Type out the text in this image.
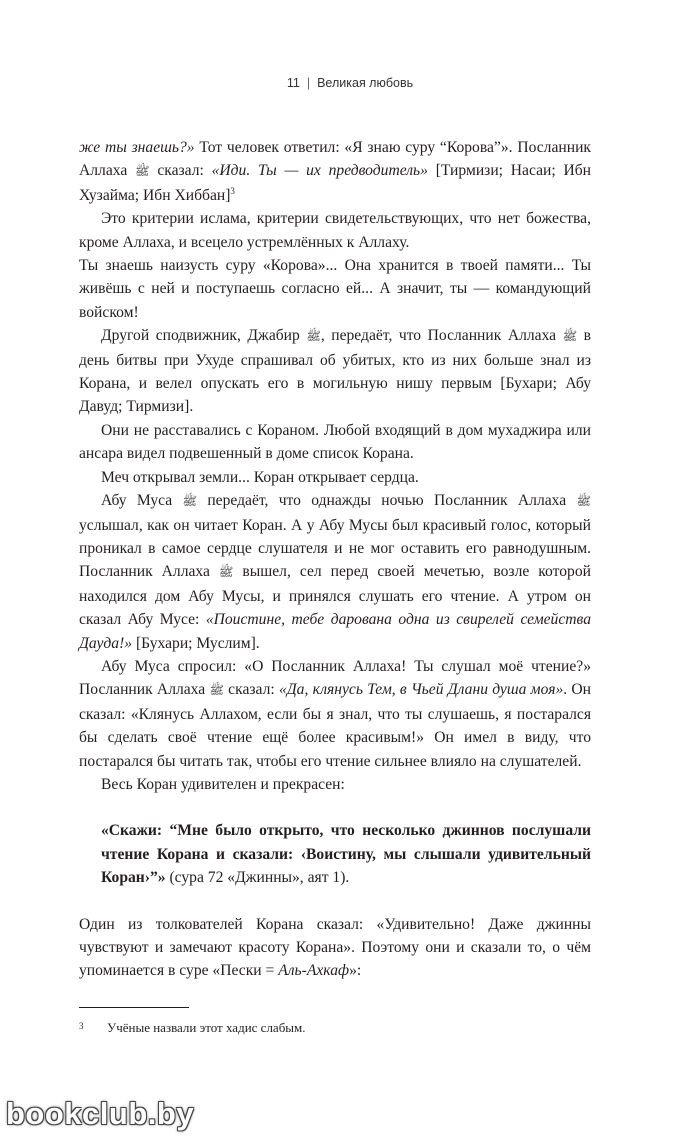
11 | Великая любовь

же ты знаешь?» Тот человек ответил: «Я знаю суру “Корова”». Посланник Аллаха ﷺ сказал: «Иди. Ты — их предводитель» [Тирмизи; Насаи; Ибн Хузайма; Ибн Хиббан]$^3$

Это критерии ислама, критерии свидетельствующих, что нет божества, кроме Аллаха, и всецело устремлённых к Аллаху.

Ты знаешь наизусть суру «Корова»... Она хранится в твоей памяти... Ты живёшь с ней и поступаешь согласно ей... А значит, ты — командующий войском!

Другой сподвижник, Джабир ﷺ, передаёт, что Посланник Аллаха ﷺ в день битвы при Ухуде спрашивал об убитых, кто из них больше знал из Корана, и велел опускать его в могильную нишу первым [Бухари; Абу Давуд; Тирмизи].

Они не расставались с Кораном. Любой входящий в дом мухаджира или ансара видел подвешенный в доме список Корана.

Меч открывал земли... Коран открывает сердца.

Абу Муса ﷺ передаёт, что однажды ночью Посланник Аллаха ﷺ услышал, как он читает Коран. А у Абу Мусы был красивый голос, который проникал в самое сердце слушателя и не мог оставить его равнодушным. Посланник Аллаха ﷺ вышел, сел перед своей мечетью, возле которой находился дом Абу Мусы, и принялся слушать его чтение. А утром он сказал Абу Мусе: «Поистине, тебе дарована одна из свирелей семейства Дауда!» [Бухари; Муслим].

Абу Муса спросил: «О Посланник Аллаха! Ты слушал моё чтение?» Посланник Аллаха ﷺ сказал: «Да, клянусь Тем, в Чьей Длани душа моя». Он сказал: «Клянусь Аллахом, если бы я знал, что ты слушаешь, я постарался бы сделать своё чтение ещё более красивым!» Он имел в виду, что постарался бы читать так, чтобы его чтение сильнее влияло на слушателей.

Весь Коран удивителен и прекрасен:

«Скажи: “Мне было открыто, что несколько джиннов послушали чтение Корана и сказали: ‹Воистину, мы слышали удивительный Коран›”» (сура 72 «Джинны», аят 1).

Один из толкователей Корана сказал: «Удивительно! Даже джинны чувствуют и замечают красоту Корана». Поэтому они и сказали то, о чём упоминается в суре «Пески = Аль-Ахкаф»:

3 Учёные назвали этот хадис слабым.
bookclub.by
